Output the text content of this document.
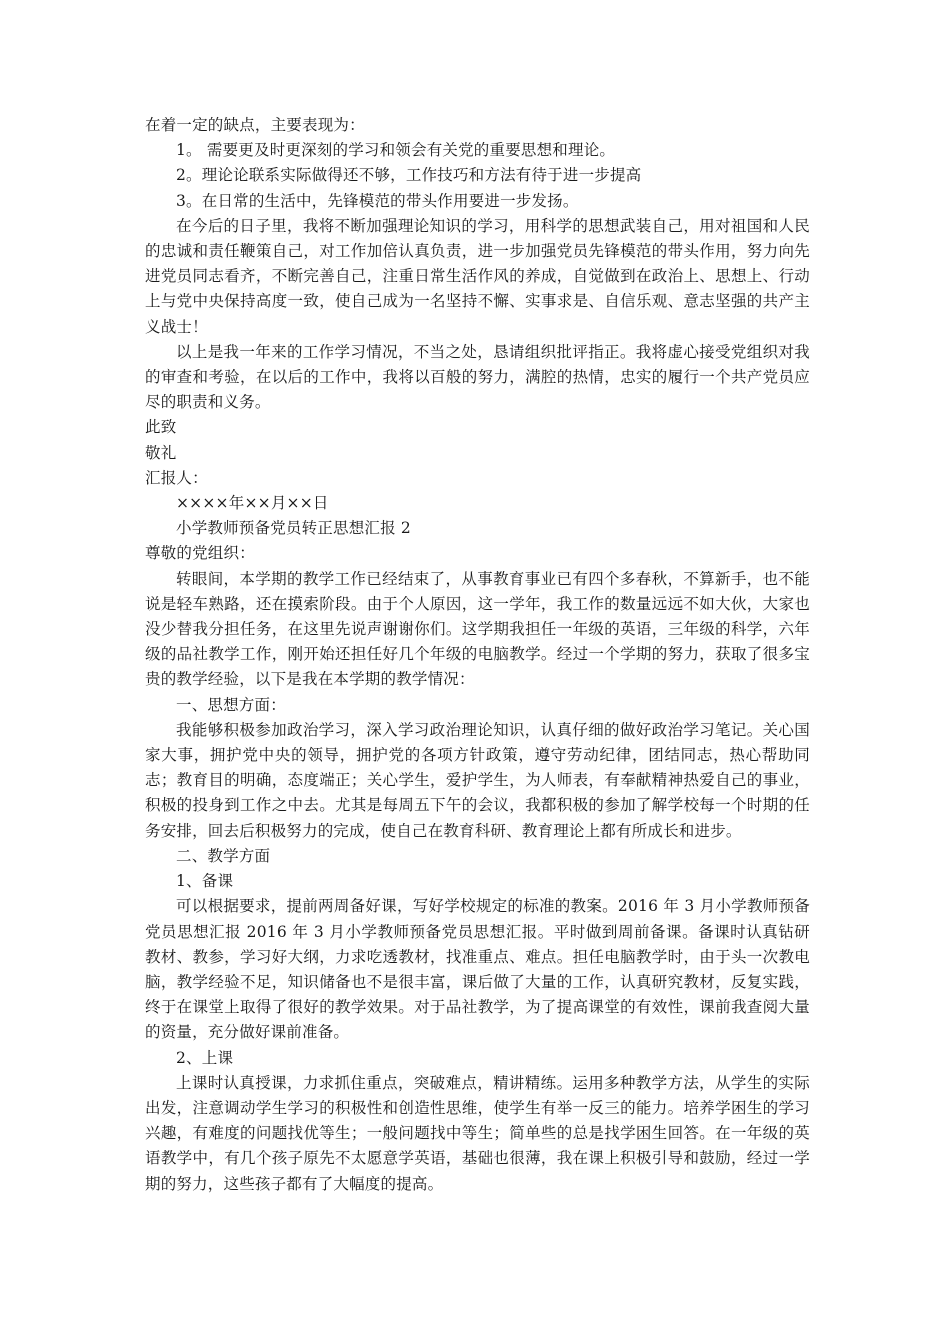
在着一定的缺点，主要表现为：

1。 需要更及时更深刻的学习和领会有关党的重要思想和理论。

2。理论论联系实际做得还不够，工作技巧和方法有待于进一步提高

3。在日常的生活中，先锋模范的带头作用要进一步发扬。

在今后的日子里，我将不断加强理论知识的学习，用科学的思想武装自己，用对祖国和人民的忠诚和责任鞭策自己，对工作加倍认真负责，进一步加强党员先锋模范的带头作用，努力向先进党员同志看齐，不断完善自己，注重日常生活作风的养成，自觉做到在政治上、思想上、行动上与党中央保持高度一致，使自己成为一名坚持不懈、实事求是、自信乐观、意志坚强的共产主义战士！

以上是我一年来的工作学习情况，不当之处，恳请组织批评指正。我将虚心接受党组织对我的审查和考验，在以后的工作中，我将以百般的努力，满腔的热情，忠实的履行一个共产党员应尽的职责和义务。

此致

敬礼

汇报人：

××××年××月××日

小学教师预备党员转正思想汇报 2

尊敬的党组织：

转眼间，本学期的教学工作已经结束了，从事教育事业已有四个多春秋，不算新手，也不能说是轻车熟路，还在摸索阶段。由于个人原因，这一学年，我工作的数量远远不如大伙，大家也没少替我分担任务，在这里先说声谢谢你们。这学期我担任一年级的英语，三年级的科学，六年级的品社教学工作，刚开始还担任好几个年级的电脑教学。经过一个学期的努力，获取了很多宝贵的教学经验，以下是我在本学期的教学情况：

一、思想方面：

我能够积极参加政治学习，深入学习政治理论知识，认真仔细的做好政治学习笔记。关心国家大事，拥护党中央的领导，拥护党的各项方针政策，遵守劳动纪律，团结同志，热心帮助同志；教育目的明确，态度端正；关心学生，爱护学生，为人师表，有奉献精神热爱自己的事业，积极的投身到工作之中去。尤其是每周五下午的会议，我都积极的参加了解学校每一个时期的任务安排，回去后积极努力的完成，使自己在教育科研、教育理论上都有所成长和进步。

二、教学方面

1、备课

可以根据要求，提前两周备好课，写好学校规定的标准的教案。2016 年 3 月小学教师预备党员思想汇报 2016 年 3 月小学教师预备党员思想汇报。平时做到周前备课。备课时认真钻研教材、教参，学习好大纲，力求吃透教材，找准重点、难点。担任电脑教学时，由于头一次教电脑，教学经验不足，知识储备也不是很丰富，课后做了大量的工作，认真研究教材，反复实践，终于在课堂上取得了很好的教学效果。对于品社教学，为了提高课堂的有效性，课前我查阅大量的资量，充分做好课前准备。

2、上课

上课时认真授课，力求抓住重点，突破难点，精讲精练。运用多种教学方法，从学生的实际出发，注意调动学生学习的积极性和创造性思维，使学生有举一反三的能力。培养学困生的学习兴趣，有难度的问题找优等生；一般问题找中等生；简单些的总是找学困生回答。在一年级的英语教学中，有几个孩子原先不太愿意学英语，基础也很薄，我在课上积极引导和鼓励，经过一学期的努力，这些孩子都有了大幅度的提高。
